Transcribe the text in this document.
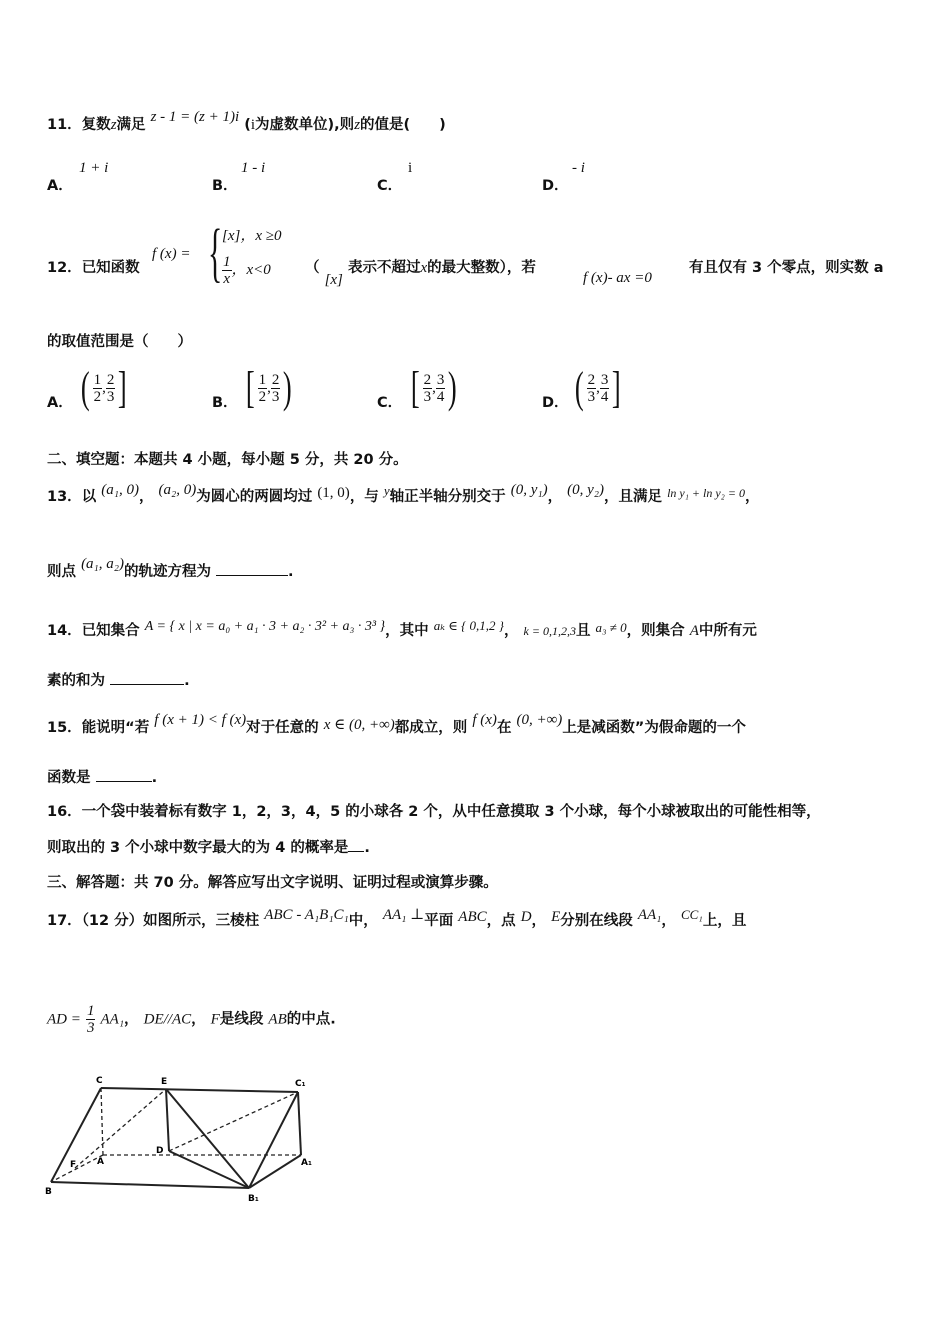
11．复数z满足 z - 1 = (z + 1)i (i为虚数单位),则z的值是(　　)
A．
1 + i
B．
1 - i
C．
i
D．
- i
12．已知函数
f (x) = { [x]，x ≥0
$\frac{1}{x}$ ，x<0 （ [x] 表示不超过x的最大整数），若
f (x)- ax =0
有且仅有 3 个零点，则实数 a
的取值范围是（　　）
A． ( $\frac{1}{2}$ , $\frac{2}{3}$ ]	B． [ $\frac{1}{2}$ , $\frac{2}{3}$ )	C． [ $\frac{2}{3}$ , $\frac{3}{4}$ )	D． ( $\frac{2}{3}$ , $\frac{3}{4}$ ]
二、填空题：本题共 4 小题，每小题 5 分，共 20 分。
13．以 (a₁, 0)， (a₂, 0)为圆心的两圆均过 (1, 0)，与 y轴正半轴分别交于 (0, y₁)， (0, y₂)，且满足 $^{ln y_1 + ln y_2 = 0}$，
则点 (a₁, a₂)的轨迹方程为	.
14．已知集合 A = { x | x = a₀ + a₁ · 3 + a₂ · 3² + a₃ · 3³ }，其中 aₖ ∈ { 0,1,2 }， k = 0,1,2,3且 a₃ ≠ 0，则集合 A中所有元
素的和为	.
15．能说明“若 f (x + 1) < f (x)对于任意的 x ∈ (0, +∞)都成立，则 f (x)在 (0, +∞)上是减函数”为假命题的一个
函数是	.
16．一个袋中装着标有数字 1，2，3，4，5 的小球各 2 个，从中任意摸取 3 个小球，每个小球被取出的可能性相等，
则取出的 3 个小球中数字最大的为 4 的概率是 .
三、解答题：共 70 分。解答应写出文字说明、证明过程或演算步骤。
17．（12 分）如图所示，三棱柱 ABC - A₁B₁C₁中， AA₁ ⊥平面 ABC，点 D， E分别在线段 AA₁， CC₁上，且
AD = $\frac{1}{3} AA_1$， DE//AC， F是线段 AB的中点.
C	E	C₁
F A
D
A₁
B
B₁
